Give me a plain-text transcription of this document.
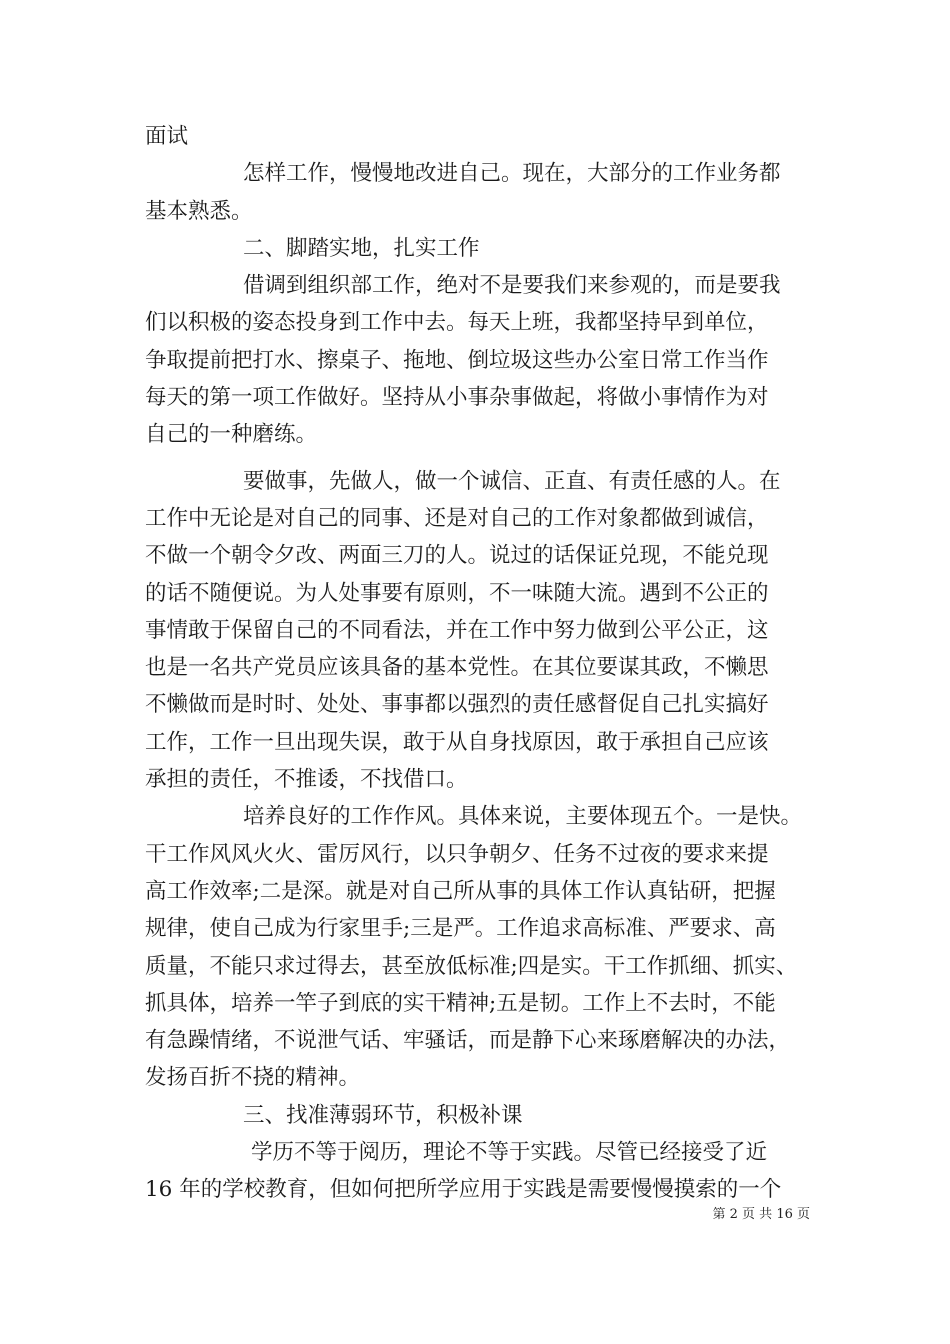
面试
怎样工作，慢慢地改进自己。现在，大部分的工作业务都
基本熟悉。
二、脚踏实地，扎实工作
借调到组织部工作，绝对不是要我们来参观的，而是要我
们以积极的姿态投身到工作中去。每天上班，我都坚持早到单位，
争取提前把打水、擦桌子、拖地、倒垃圾这些办公室日常工作当作
每天的第一项工作做好。坚持从小事杂事做起，将做小事情作为对
自己的一种磨练。
要做事，先做人，做一个诚信、正直、有责任感的人。在
工作中无论是对自己的同事、还是对自己的工作对象都做到诚信，
不做一个朝令夕改、两面三刀的人。说过的话保证兑现，不能兑现
的话不随便说。为人处事要有原则，不一味随大流。遇到不公正的
事情敢于保留自己的不同看法，并在工作中努力做到公平公正，这
也是一名共产党员应该具备的基本党性。在其位要谋其政，不懒思
不懒做而是时时、处处、事事都以强烈的责任感督促自己扎实搞好
工作，工作一旦出现失误，敢于从自身找原因，敢于承担自己应该
承担的责任，不推诿，不找借口。
培养良好的工作作风。具体来说，主要体现五个。一是快。
干工作风风火火、雷厉风行，以只争朝夕、任务不过夜的要求来提
高工作效率;二是深。就是对自己所从事的具体工作认真钻研，把握
规律，使自己成为行家里手;三是严。工作追求高标准、严要求、高
质量，不能只求过得去，甚至放低标准;四是实。干工作抓细、抓实、
抓具体，培养一竿子到底的实干精神;五是韧。工作上不去时，不能
有急躁情绪，不说泄气话、牢骚话，而是静下心来琢磨解决的办法，
发扬百折不挠的精神。
三、找准薄弱环节，积极补课
学历不等于阅历，理论不等于实践。尽管已经接受了近
16 年的学校教育，但如何把所学应用于实践是需要慢慢摸索的一个
第 2 页 共 16 页
